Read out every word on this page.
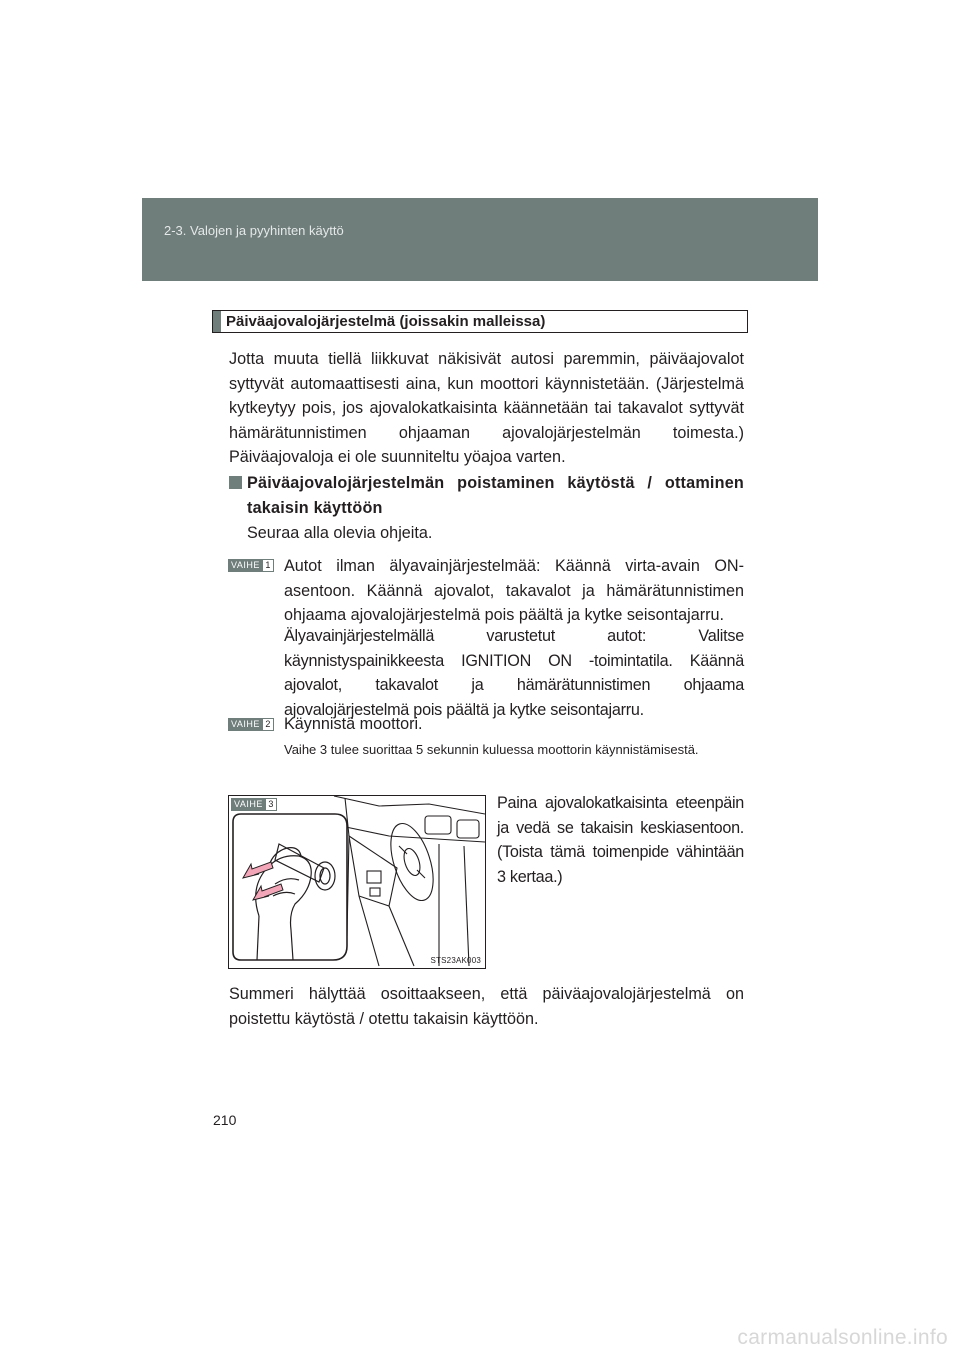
2-3. Valojen ja pyyhinten käyttö
Päiväajovalojärjestelmä (joissakin malleissa)
Jotta muuta tiellä liikkuvat näkisivät autosi paremmin, päiväajovalot syttyvät automaattisesti aina, kun moottori käynnistetään. (Järjestelmä kytkeytyy pois, jos ajovalokatkaisinta käännetään tai takavalot syttyvät hämärätunnistimen ohjaaman ajovalojärjestelmän toimesta.) Päiväajovaloja ei ole suunniteltu yöajoa varten.
Päiväajovalojärjestelmän poistaminen käytöstä / ottaminen takaisin käyttöön
Seuraa alla olevia ohjeita.
VAIHE 1 Autot ilman älyavainjärjestelmää: Käännä virta-avain ON-asentoon. Käännä ajovalot, takavalot ja hämärätunnistimen ohjaama ajovalojärjestelmä pois päältä ja kytke seisontajarru.
Älyavainjärjestelmällä varustetut autot: Valitse käynnistyspainikkeesta IGNITION ON -toimintatila. Käännä ajovalot, takavalot ja hämärätunnistimen ohjaama ajovalojärjestelmä pois päältä ja kytke seisontajarru.
VAIHE 2 Käynnistä moottori.
Vaihe 3 tulee suorittaa 5 sekunnin kuluessa moottorin käynnistämisestä.
VAIHE 3
STS23AK003
Paina ajovalokatkaisinta eteenpäin ja vedä se takaisin keskiasentoon. (Toista tämä toimenpide vähintään 3 kertaa.)
Summeri hälyttää osoittaakseen, että päiväajovalojärjestelmä on poistettu käytöstä / otettu takaisin käyttöön.
210
carmanualsonline.info
